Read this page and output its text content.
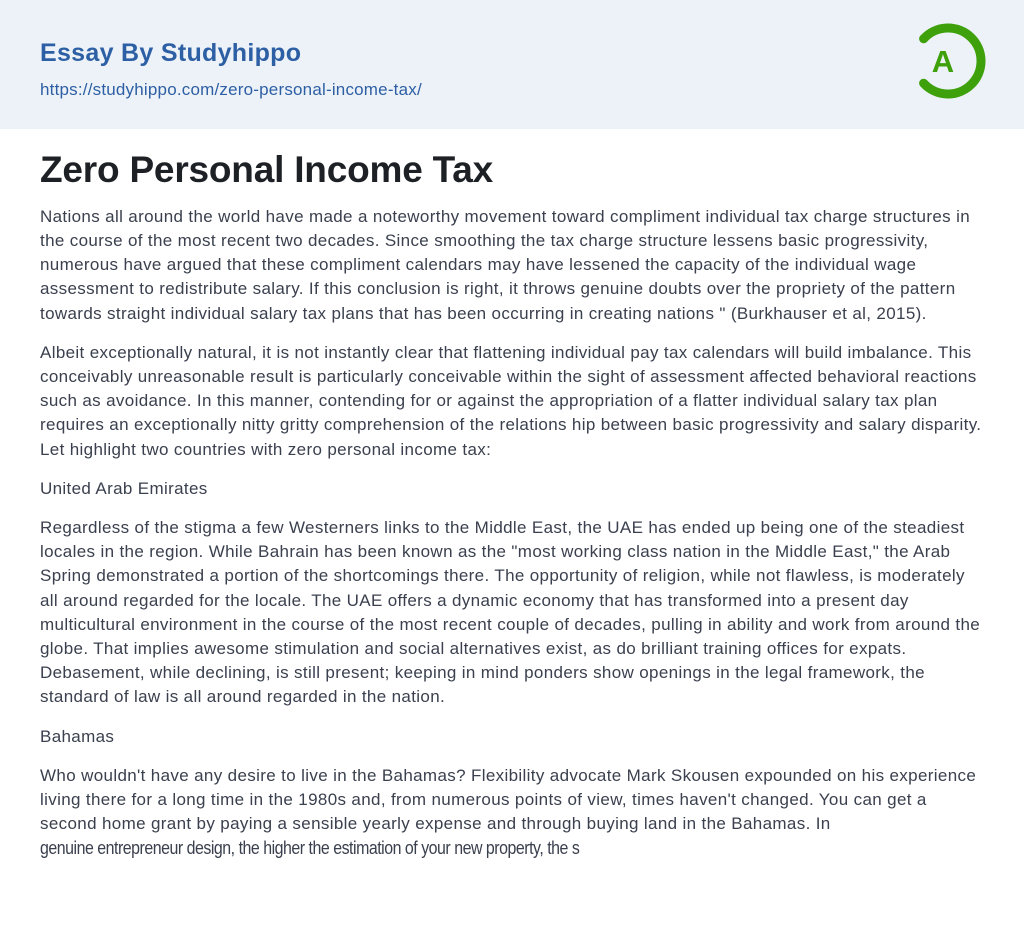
Essay By Studyhippo
https://studyhippo.com/zero-personal-income-tax/
A
Zero Personal Income Tax

Nations all around the world have made a noteworthy movement toward compliment individual tax charge structures in the course of the most recent two decades. Since smoothing the tax charge structure lessens basic progressivity, numerous have argued that these compliment calendars may have lessened the capacity of the individual wage assessment to redistribute salary. If this conclusion is right, it throws genuine doubts over the propriety of the pattern towards straight individual salary tax plans that has been occurring in creating nations " (Burkhauser et al, 2015).

Albeit exceptionally natural, it is not instantly clear that flattening individual pay tax calendars will build imbalance. This conceivably unreasonable result is particularly conceivable within the sight of assessment affected behavioral reactions such as avoidance. In this manner, contending for or against the appropriation of a flatter individual salary tax plan requires an exceptionally nitty gritty comprehension of the relations hip between basic progressivity and salary disparity. Let highlight two countries with zero personal income tax:

United Arab Emirates

Regardless of the stigma a few Westerners links to the Middle East, the UAE has ended up being one of the steadiest locales in the region. While Bahrain has been known as the "most working class nation in the Middle East," the Arab Spring demonstrated a portion of the shortcomings there. The opportunity of religion, while not flawless, is moderately all around regarded for the locale. The UAE offers a dynamic economy that has transformed into a present day multicultural environment in the course of the most recent couple of decades, pulling in ability and work from around the globe. That implies awesome stimulation and social alternatives exist, as do brilliant training offices for expats. Debasement, while declining, is still present; keeping in mind ponders show openings in the legal framework, the standard of law is all around regarded in the nation.

Bahamas

Who wouldn't have any desire to live in the Bahamas? Flexibility advocate Mark Skousen expounded on his experience living there for a long time in the 1980s and, from numerous points of view, times haven't changed. You can get a second home grant by paying a sensible yearly expense and through buying land in the Bahamas. In
genuine entrepreneur design, the higher the estimation of your new property, the s
